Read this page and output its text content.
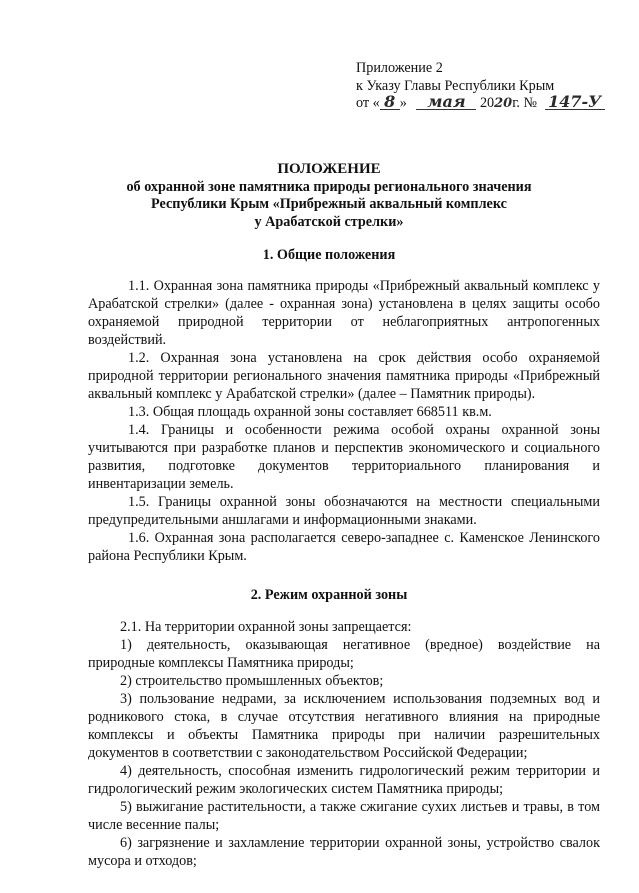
Приложение 2
к Указу Главы Республики Крым
от « 8 » мая 2020г. № 147-У
ПОЛОЖЕНИЕ
об охранной зоне памятника природы регионального значения
Республики Крым «Прибрежный аквальный комплекс
у Арабатской стрелки»
1. Общие положения

1.1. Охранная зона памятника природы «Прибрежный аквальный комплекс у Арабатской стрелки» (далее - охранная зона) установлена в целях защиты особо охраняемой природной территории от неблагоприятных антропогенных воздействий.

1.2. Охранная зона установлена на срок действия особо охраняемой природной территории регионального значения памятника природы «Прибрежный аквальный комплекс у Арабатской стрелки» (далее – Памятник природы).

1.3. Общая площадь охранной зоны составляет 668511 кв.м.

1.4. Границы и особенности режима особой охраны охранной зоны учитываются при разработке планов и перспектив экономического и социального развития, подготовке документов территориального планирования и инвентаризации земель.

1.5. Границы охранной зоны обозначаются на местности специальными предупредительными аншлагами и информационными знаками.

1.6. Охранная зона располагается северо-западнее с. Каменское Ленинского района Республики Крым.

2. Режим охранной зоны

2.1. На территории охранной зоны запрещается:

1) деятельность, оказывающая негативное (вредное) воздействие на природные комплексы Памятника природы;

2) строительство промышленных объектов;

3) пользование недрами, за исключением использования подземных вод и родникового стока, в случае отсутствия негативного влияния на природные комплексы и объекты Памятника природы при наличии разрешительных документов в соответствии с законодательством Российской Федерации;

4) деятельность, способная изменить гидрологический режим территории и гидрологический режим экологических систем Памятника природы;

5) выжигание растительности, а также сжигание сухих листьев и травы, в том числе весенние палы;

6) загрязнение и захламление территории охранной зоны, устройство свалок мусора и отходов;
